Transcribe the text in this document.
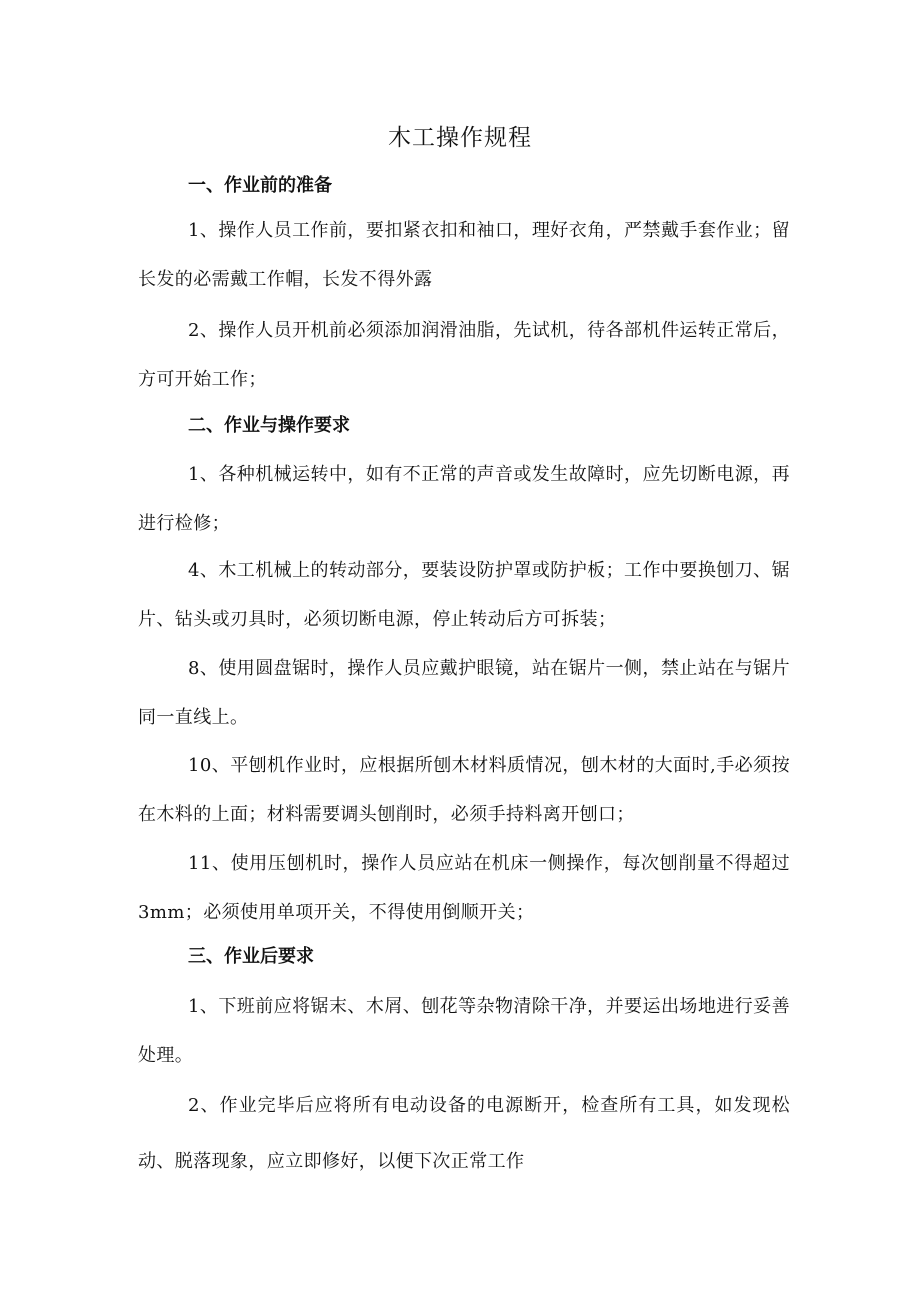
木工操作规程
一、作业前的准备
1、操作人员工作前，要扣紧衣扣和袖口，理好衣角，严禁戴手套作业；留长发的必需戴工作帽，长发不得外露
2、操作人员开机前必须添加润滑油脂，先试机，待各部机件运转正常后，方可开始工作；
二、作业与操作要求
1、各种机械运转中，如有不正常的声音或发生故障时，应先切断电源，再进行检修；
4、木工机械上的转动部分，要装设防护罩或防护板；工作中要换刨刀、锯片、钻头或刃具时，必须切断电源，停止转动后方可拆装；
8、使用圆盘锯时，操作人员应戴护眼镜，站在锯片一侧，禁止站在与锯片同一直线上。
10、平刨机作业时，应根据所刨木材料质情况，刨木材的大面时,手必须按在木料的上面；材料需要调头刨削时，必须手持料离开刨口；
11、使用压刨机时，操作人员应站在机床一侧操作，每次刨削量不得超过3mm；必须使用单项开关，不得使用倒顺开关；
三、作业后要求
1、下班前应将锯末、木屑、刨花等杂物清除干净，并要运出场地进行妥善处理。
2、作业完毕后应将所有电动设备的电源断开，检查所有工具，如发现松动、脱落现象，应立即修好，以便下次正常工作
